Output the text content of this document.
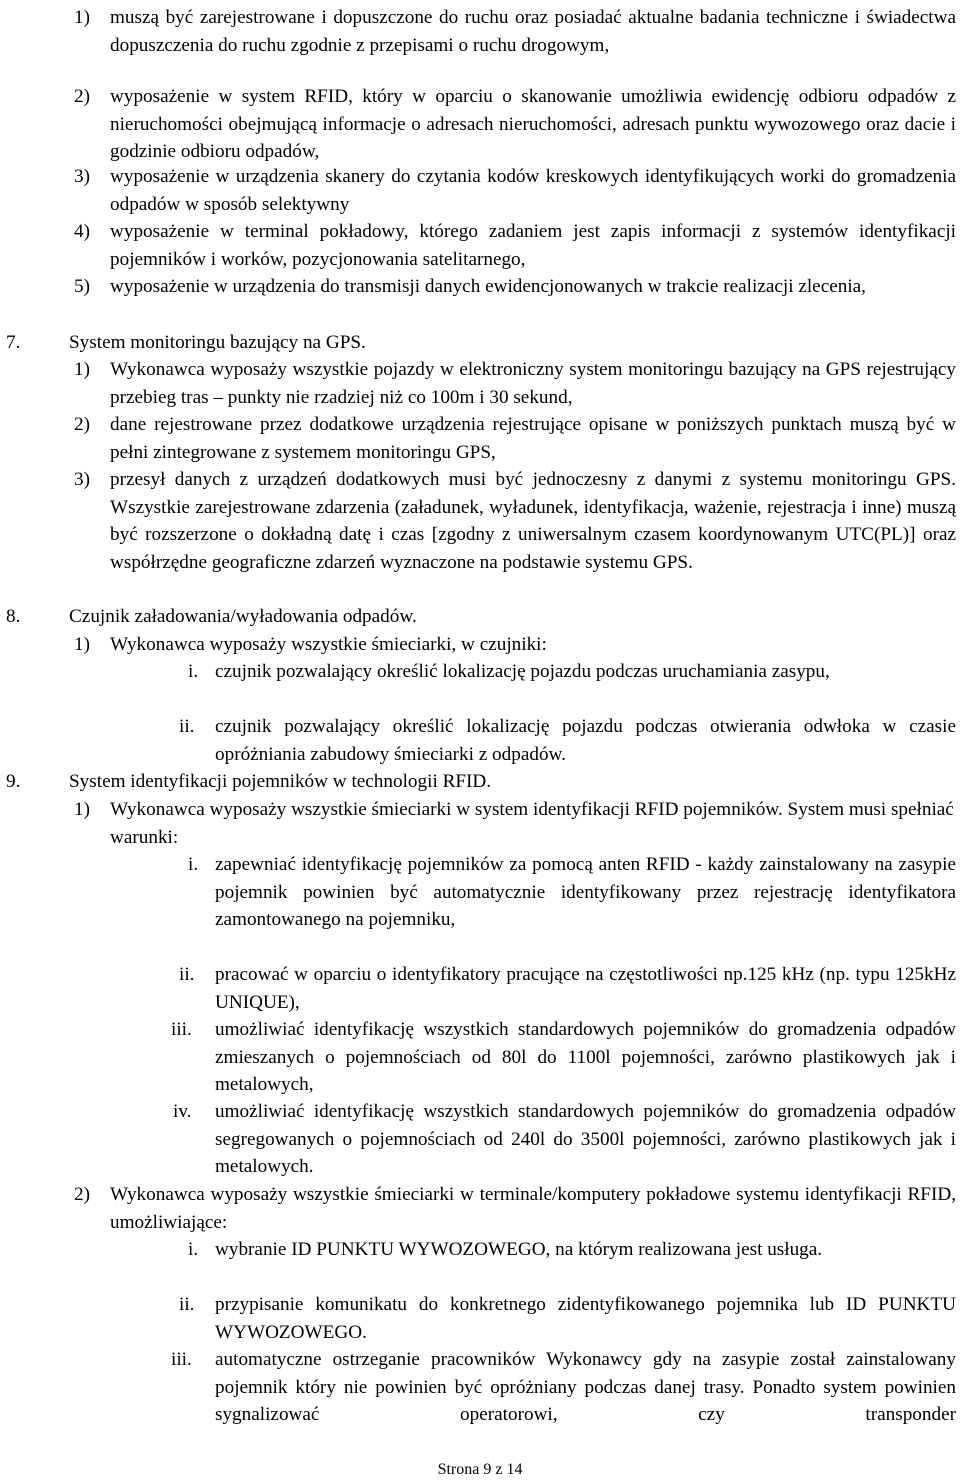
1) muszą być zarejestrowane i dopuszczone do ruchu oraz posiadać aktualne badania techniczne i świadectwa dopuszczenia do ruchu zgodnie z przepisami o ruchu drogowym,
2) wyposażenie w system RFID, który w oparciu o skanowanie umożliwia ewidencję odbioru odpadów z nieruchomości obejmującą informacje o adresach nieruchomości, adresach punktu wywozowego oraz dacie i godzinie odbioru odpadów,
3) wyposażenie w urządzenia skanery do czytania kodów kreskowych identyfikujących worki do gromadzenia odpadów w sposób selektywny
4) wyposażenie w terminal pokładowy, którego zadaniem jest zapis informacji z systemów identyfikacji pojemników i worków, pozycjonowania satelitarnego,
5) wyposażenie w urządzenia do transmisji danych ewidencjonowanych w trakcie realizacji zlecenia,
7.	System monitoringu bazujący na GPS.
1) Wykonawca wyposaży wszystkie pojazdy w elektroniczny system monitoringu bazujący na GPS rejestrujący przebieg tras – punkty nie rzadziej niż co 100m i 30 sekund,
2) dane rejestrowane przez dodatkowe urządzenia rejestrujące opisane w poniższych punktach muszą być w pełni zintegrowane z systemem monitoringu GPS,
3) przesył danych z urządzeń dodatkowych musi być jednoczesny z danymi z systemu monitoringu GPS. Wszystkie zarejestrowane zdarzenia (załadunek, wyładunek, identyfikacja, ważenie, rejestracja i inne) muszą być rozszerzone o dokładną datę i czas [zgodny z uniwersalnym czasem koordynowanym UTC(PL)] oraz współrzędne geograficzne zdarzeń wyznaczone na podstawie systemu GPS.
8.	Czujnik załadowania/wyładowania odpadów.
1) Wykonawca wyposaży wszystkie śmieciarki, w czujniki:
i. czujnik pozwalający określić lokalizację pojazdu podczas uruchamiania zasypu,
ii. czujnik pozwalający określić lokalizację pojazdu podczas otwierania odwłoka w czasie opróżniania zabudowy śmieciarki z odpadów.
9.	System identyfikacji pojemników w technologii RFID.
1) Wykonawca wyposaży wszystkie śmieciarki w system identyfikacji RFID pojemników. System musi spełniać warunki:
i. zapewniać identyfikację pojemników za pomocą anten RFID - każdy zainstalowany na zasypie pojemnik powinien być automatycznie identyfikowany przez rejestrację identyfikatora zamontowanego na pojemniku,
ii. pracować w oparciu o identyfikatory pracujące na częstotliwości np.125 kHz (np. typu 125kHz UNIQUE),
iii. umożliwiać identyfikację wszystkich standardowych pojemników do gromadzenia odpadów zmieszanych o pojemnościach od 80l do 1100l pojemności, zarówno plastikowych jak i metalowych,
iv. umożliwiać identyfikację wszystkich standardowych pojemników do gromadzenia odpadów segregowanych o pojemnościach od 240l do 3500l pojemności, zarówno plastikowych jak i metalowych.
2) Wykonawca wyposaży wszystkie śmieciarki w terminale/komputery pokładowe systemu identyfikacji RFID, umożliwiające:
i. wybranie ID PUNKTU WYWOZOWEGO, na którym realizowana jest usługa.
ii. przypisanie komunikatu do konkretnego zidentyfikowanego pojemnika lub ID PUNKTU WYWOZOWEGO.
iii. automatyczne ostrzeganie pracowników Wykonawcy gdy na zasypie został zainstalowany pojemnik który nie powinien być opróżniany podczas danej trasy. Ponadto system powinien sygnalizować operatorowi, czy transponder
Strona 9 z 14
